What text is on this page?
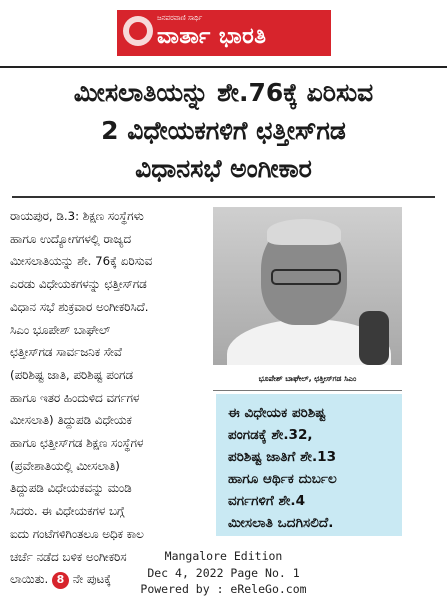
ಜನಪರವಾಣಿ ಸಾರ್ಥಿ
ವಾರ್ತಾ ಭಾರತಿ
ಮೀಸಲಾತಿಯನ್ನು ಶೇ.76ಕ್ಕೆ ಏರಿಸುವ
2 ವಿಧೇಯಕಗಳಿಗೆ ಛತ್ತೀಸ್‌ಗಡ
ವಿಧಾನಸಭೆ ಅಂಗೀಕಾರ
ರಾಯಪುರ, ಡಿ.3: ಶಿಕ್ಷಣ ಸಂಸ್ಥೆಗಳು
ಹಾಗೂ ಉದ್ಯೋಗಗಳಲ್ಲಿ ರಾಜ್ಯದ
ಮೀಸಲಾತಿಯನ್ನು ಶೇ. 76ಕ್ಕೆ ಏರಿಸುವ
ಎರಡು ವಿಧೇಯಕಗಳನ್ನು ಛತ್ತೀಸ್‌ಗಡ
ವಿಧಾನ ಸಭೆ ಶುಕ್ರವಾರ ಅಂಗೀಕರಿಸಿದೆ.
ಸಿಎಂ ಭೂಪೇಶ್ ಬಾಘೇಲ್
ಛತ್ತೀಸ್‌ಗಡ ಸಾರ್ವಜನಿಕ ಸೇವೆ
(ಪರಿಶಿಷ್ಟ ಜಾತಿ, ಪರಿಶಿಷ್ಟ ಪಂಗಡ
ಹಾಗೂ ಇತರ ಹಿಂದುಳಿದ ವರ್ಗಗಳ
ಮೀಸಲಾತಿ) ತಿದ್ದುಪಡಿ ವಿಧೇಯಕ
ಹಾಗೂ ಛತ್ತೀಸ್‌ಗಡ ಶಿಕ್ಷಣ ಸಂಸ್ಥೆಗಳ
(ಪ್ರವೇಶಾತಿಯಲ್ಲಿ ಮೀಸಲಾತಿ)
ತಿದ್ದುಪಡಿ ವಿಧೇಯಕವನ್ನು ಮಂಡಿ
ಸಿದರು. ಈ ವಿಧೇಯಕಗಳ ಬಗ್ಗೆ
ಐದು ಗಂಟೆಗಳಿಗಿಂತಲೂ ಅಧಿಕ ಕಾಲ
ಚರ್ಚೆ ನಡೆದ ಬಳಿಕ ಅಂಗೀಕರಿಸ
ಲಾಯಿತು. 8 ನೇ ಪುಟಕ್ಕೆ
ಭೂಪೇಶ್ ಬಾಘೇಲ್, ಛತ್ತೀಸ್‌ಗಡ ಸಿಎಂ
ಈ ವಿಧೇಯಕ ಪರಿಶಿಷ್ಟ
ಪಂಗಡಕ್ಕೆ ಶೇ.32,
ಪರಿಶಿಷ್ಟ ಜಾತಿಗೆ ಶೇ.13
ಹಾಗೂ ಆರ್ಥಿಕ ದುರ್ಬಲ
ವರ್ಗಗಳಿಗೆ ಶೇ.4
ಮೀಸಲಾತಿ ಒದಗಿಸಲಿದೆ.
Mangalore Edition
Dec 4, 2022 Page No. 1
Powered by : eReleGo.com
